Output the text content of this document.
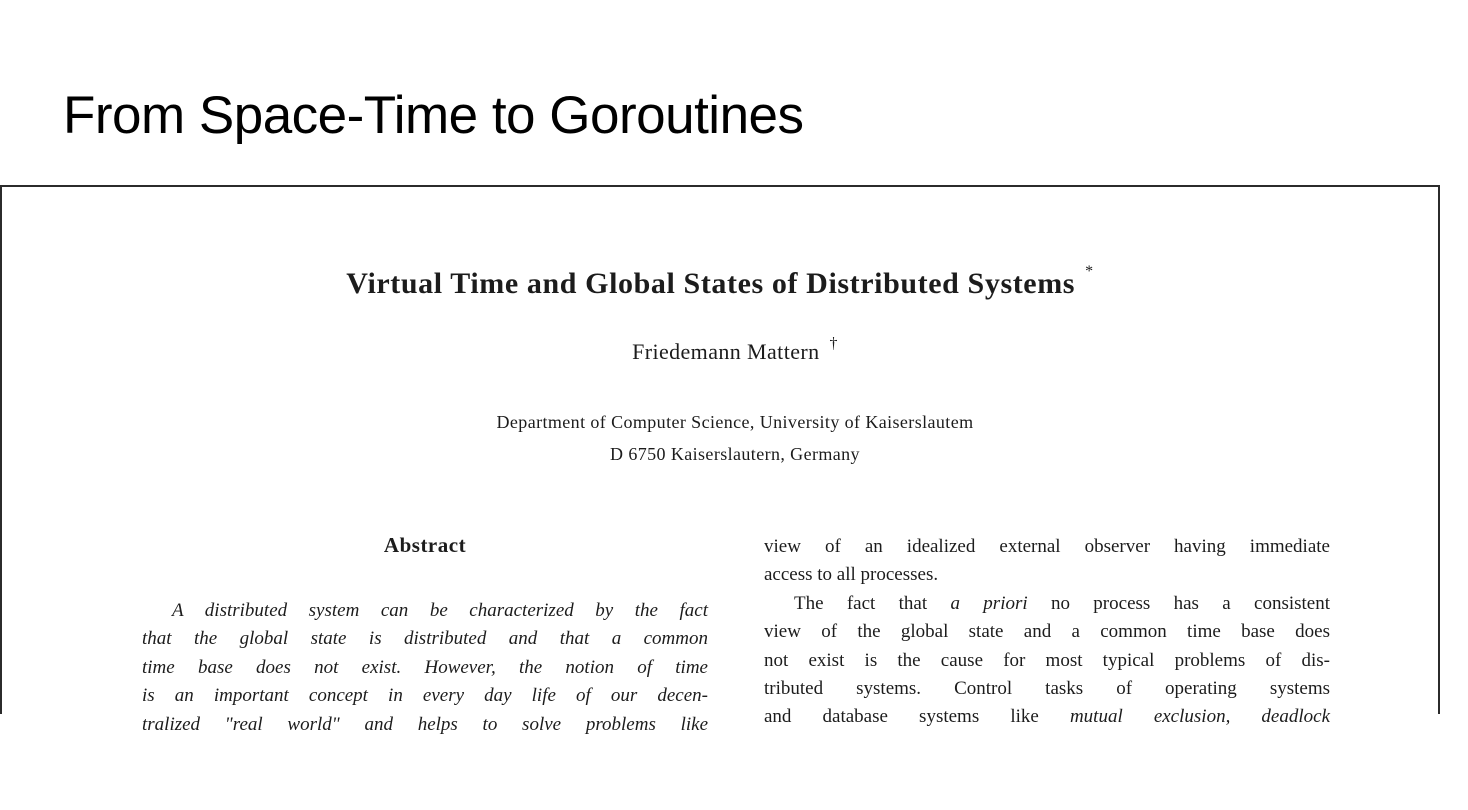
From Space-Time to Goroutines
Virtual Time and Global States of Distributed Systems *
Friedemann Mattern †
Department of Computer Science, University of Kaiserslautem
D 6750 Kaiserslautern, Germany
Abstract
A distributed system can be characterized by the fact
that the global state is distributed and that a common
time base does not exist. However, the notion of time
is an important concept in every day life of our decen-
tralized "real world" and helps to solve problems like
view of an idealized external observer having immediate
access to all processes.
The fact that a priori no process has a consistent
view of the global state and a common time base does
not exist is the cause for most typical problems of dis-
tributed systems. Control tasks of operating systems
and database systems like mutual exclusion, deadlock
